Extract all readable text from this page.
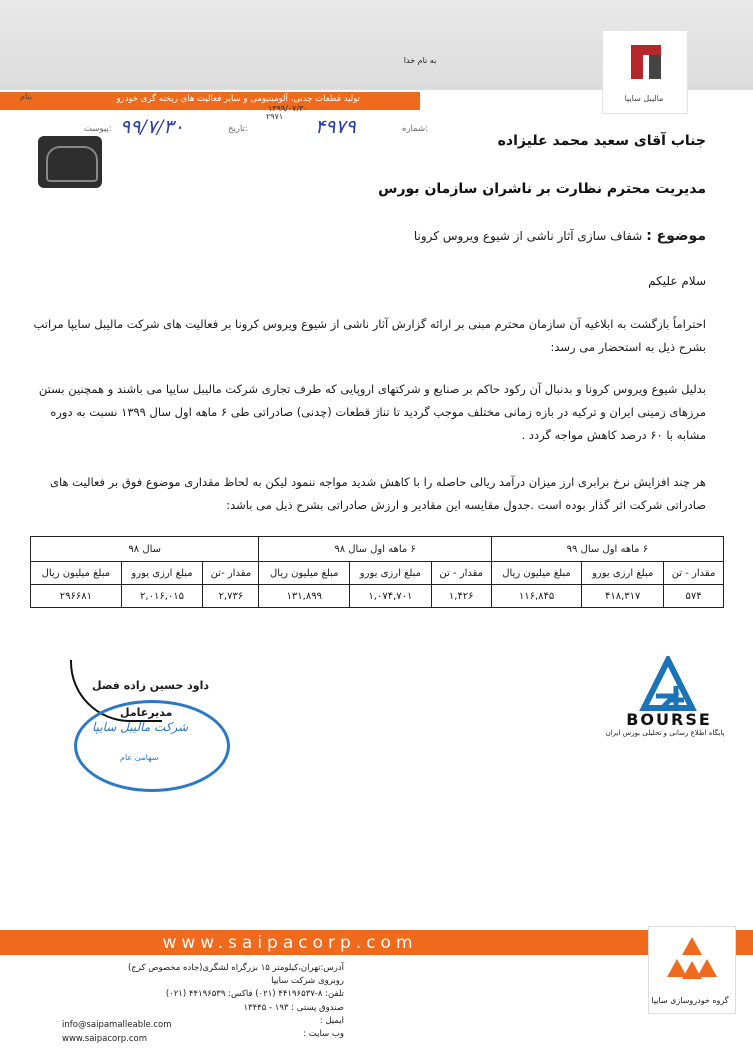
به نام خدا
تولید قطعات چدنی، آلومینیومی و سایر فعالیت های ریخته گری خودرو
۱۳۹۹/۰۷/۳۰
۲۹۷۱
بنام	مالیبل سایپا
شماره:
۴۹۷۹
تاریخ:
۹۹/۷/۳۰
پیوست:
جناب آقای سعید محمد علیزاده
مدیریت محترم نظارت بر ناشران سازمان بورس
موضوع : شفاف سازی آثار ناشی از شیوع ویروس کرونا
سلام علیکم
احتراماً بازگشت به ابلاغیه آن سازمان محترم مبنی بر ارائه گزارش آثار ناشی از شیوع ویروس کرونا بر فعالیت های شرکت مالیبل سایپا مراتب بشرح ذیل به استحضار می رسد:
بدلیل شیوع ویروس کرونا و بدنبال آن رکود حاکم بر صنایع و شرکتهای اروپایی که طرف تجاری شرکت مالیبل سایپا می باشند و همچنین بستن مرزهای زمینی ایران و ترکیه در بازه زمانی مختلف موجب گردید تا تناژ قطعات (چدنی) صادراتی طی ۶ ماهه اول سال ۱۳۹۹ نسبت به دوره مشابه با ۶۰ درصد کاهش مواجه گردد .
هر چند افزایش نرخ برابری ارز میزان درآمد ریالی حاصله را با کاهش شدید مواجه ننمود لیکن به لحاظ مقداری موضوع فوق بر فعالیت های صادراتی شرکت اثر گذار بوده است .جدول مقایسه این مقادیر و ارزش صادراتی بشرح ذیل می باشد:
۶ ماهه اول سال ۹۹			۶ ماهه اول سال ۹۸			سال ۹۸		
مقدار - تن	مبلغ ارزی یورو	مبلغ میلیون ریال	مقدار - تن	مبلغ ارزی یورو	مبلغ میلیون ریال	مقدار -تن	مبلغ ارزی یورو	مبلغ میلیون ریال
۵۷۴	۴۱۸,۳۱۷	۱۱۶,۸۴۵	۱,۴۲۶	۱,۰۷۴,۷۰۱	۱۳۱,۸۹۹	۲,۷۳۶	۲,۰۱۶,۰۱۵	۲۹۶۶۸۱
داود حسین زاده فضل
مدیرعامل
شرکت مالیبل سایپا
سهامی عام
BOURSE
پایگاه اطلاع رسانی و تحلیلی بورس ایران
www.saipacorp.com
آدرس:تهران،کیلومتر ۱۵ بزرگراه لشگری(جاده مخصوص کرج)
روبروی شرکت سایپا
تلفن: ۸-۴۴۱۹۶۵۳۷ (۰۲۱) فاکس: ۴۴۱۹۶۵۳۹ (۰۲۱)
صندوق پستی : ۱۹۳ - ۱۳۴۴۵
ایمیل :
وب سایت :
info@saipamalleable.com
www.saipacorp.com
گروه خودروسازی سایپا
